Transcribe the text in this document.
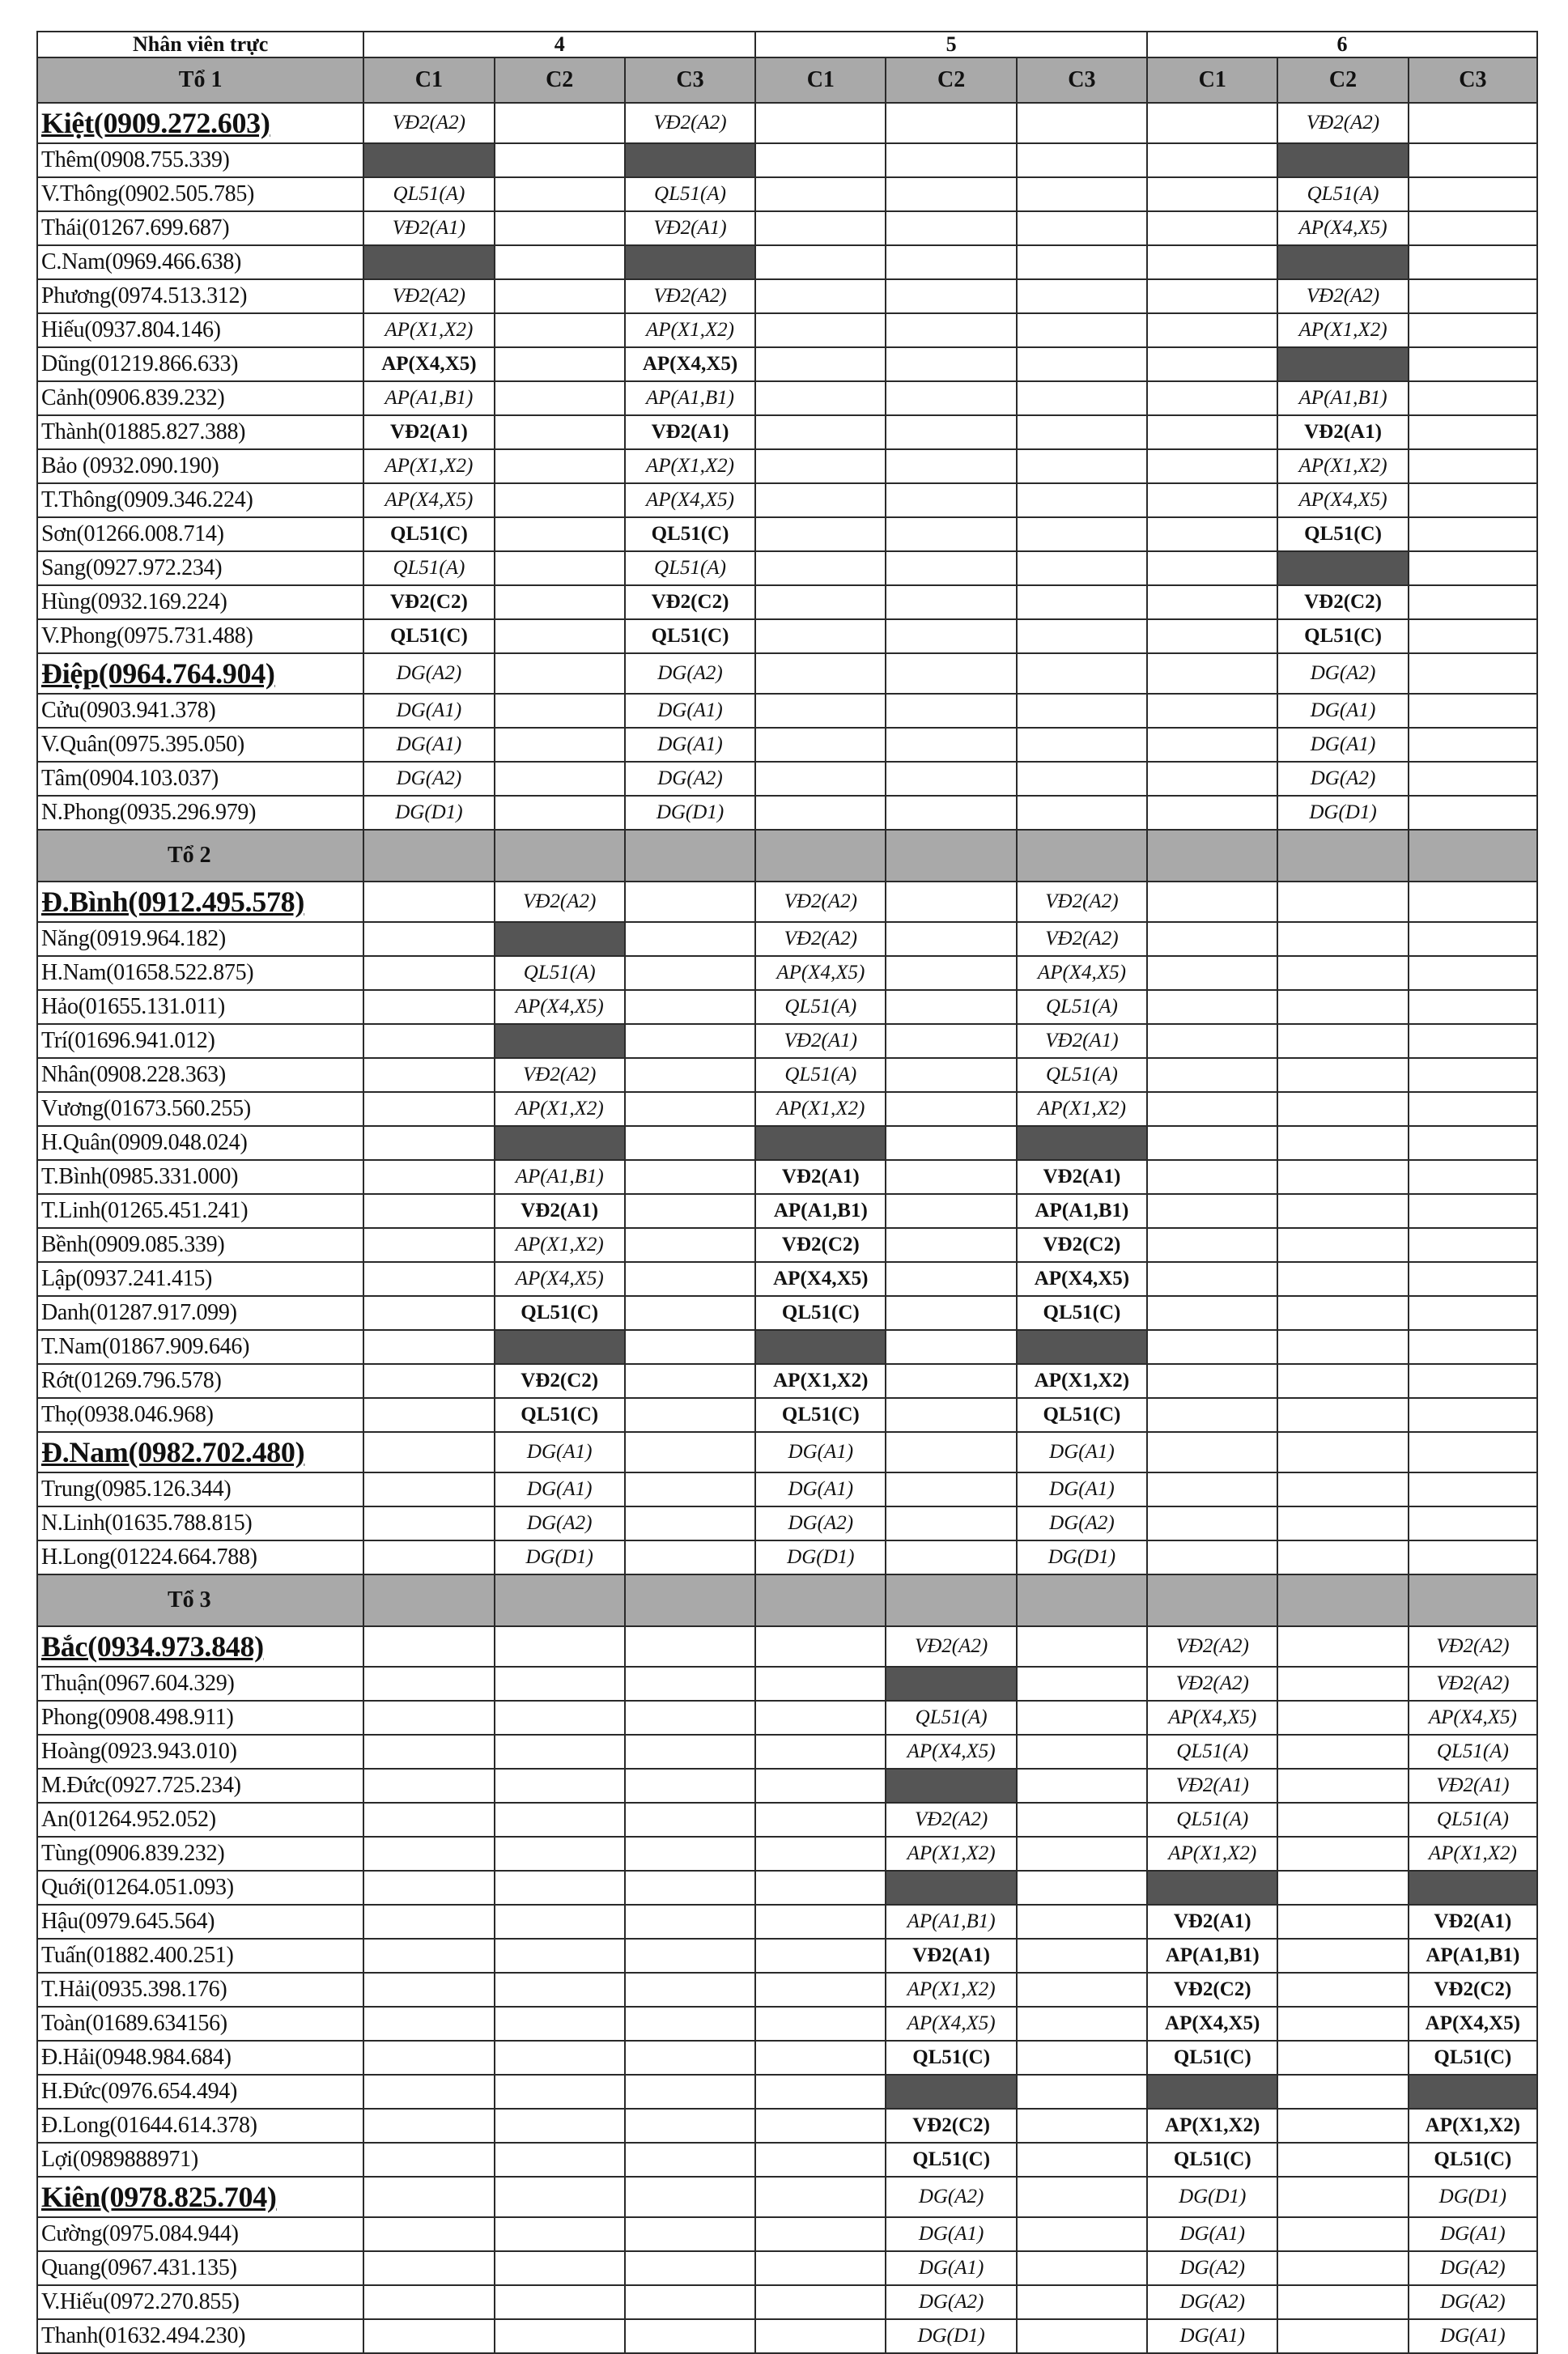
Nhân viên trực	4			5			6		
Tổ 1	C1	C2	C3	C1	C2	C3	C1	C2	C3
Kiệt(0909.272.603)	VĐ2(A2)		VĐ2(A2)					VĐ2(A2)	
Thêm(0908.755.339)									
V.Thông(0902.505.785)	QL51(A)		QL51(A)					QL51(A)	
Thái(01267.699.687)	VĐ2(A1)		VĐ2(A1)					AP(X4,X5)	
C.Nam(0969.466.638)									
Phương(0974.513.312)	VĐ2(A2)		VĐ2(A2)					VĐ2(A2)	
Hiếu(0937.804.146)	AP(X1,X2)		AP(X1,X2)					AP(X1,X2)	
Dũng(01219.866.633)	AP(X4,X5)		AP(X4,X5)						
Cảnh(0906.839.232)	AP(A1,B1)		AP(A1,B1)					AP(A1,B1)	
Thành(01885.827.388)	VĐ2(A1)		VĐ2(A1)					VĐ2(A1)	
Bảo (0932.090.190)	AP(X1,X2)		AP(X1,X2)					AP(X1,X2)	
T.Thông(0909.346.224)	AP(X4,X5)		AP(X4,X5)					AP(X4,X5)	
Sơn(01266.008.714)	QL51(C)		QL51(C)					QL51(C)	
Sang(0927.972.234)	QL51(A)		QL51(A)						
Hùng(0932.169.224)	VĐ2(C2)		VĐ2(C2)					VĐ2(C2)	
V.Phong(0975.731.488)	QL51(C)		QL51(C)					QL51(C)	
Điệp(0964.764.904)	DG(A2)		DG(A2)					DG(A2)	
Cửu(0903.941.378)	DG(A1)		DG(A1)					DG(A1)	
V.Quân(0975.395.050)	DG(A1)		DG(A1)					DG(A1)	
Tâm(0904.103.037)	DG(A2)		DG(A2)					DG(A2)	
N.Phong(0935.296.979)	DG(D1)		DG(D1)					DG(D1)	
Tổ 2									
Đ.Bình(0912.495.578)		VĐ2(A2)		VĐ2(A2)		VĐ2(A2)			
Năng(0919.964.182)				VĐ2(A2)		VĐ2(A2)			
H.Nam(01658.522.875)		QL51(A)		AP(X4,X5)		AP(X4,X5)			
Hảo(01655.131.011)		AP(X4,X5)		QL51(A)		QL51(A)			
Trí(01696.941.012)				VĐ2(A1)		VĐ2(A1)			
Nhân(0908.228.363)		VĐ2(A2)		QL51(A)		QL51(A)			
Vương(01673.560.255)		AP(X1,X2)		AP(X1,X2)		AP(X1,X2)			
H.Quân(0909.048.024)									
T.Bình(0985.331.000)		AP(A1,B1)		VĐ2(A1)		VĐ2(A1)			
T.Linh(01265.451.241)		VĐ2(A1)		AP(A1,B1)		AP(A1,B1)			
Bềnh(0909.085.339)		AP(X1,X2)		VĐ2(C2)		VĐ2(C2)			
Lập(0937.241.415)		AP(X4,X5)		AP(X4,X5)		AP(X4,X5)			
Danh(01287.917.099)		QL51(C)		QL51(C)		QL51(C)			
T.Nam(01867.909.646)									
Rớt(01269.796.578)		VĐ2(C2)		AP(X1,X2)		AP(X1,X2)			
Thọ(0938.046.968)		QL51(C)		QL51(C)		QL51(C)			
Đ.Nam(0982.702.480)		DG(A1)		DG(A1)		DG(A1)			
Trung(0985.126.344)		DG(A1)		DG(A1)		DG(A1)			
N.Linh(01635.788.815)		DG(A2)		DG(A2)		DG(A2)			
H.Long(01224.664.788)		DG(D1)		DG(D1)		DG(D1)			
Tổ 3									
Bắc(0934.973.848)					VĐ2(A2)		VĐ2(A2)		VĐ2(A2)
Thuận(0967.604.329)							VĐ2(A2)		VĐ2(A2)
Phong(0908.498.911)					QL51(A)		AP(X4,X5)		AP(X4,X5)
Hoàng(0923.943.010)					AP(X4,X5)		QL51(A)		QL51(A)
M.Đức(0927.725.234)							VĐ2(A1)		VĐ2(A1)
An(01264.952.052)					VĐ2(A2)		QL51(A)		QL51(A)
Tùng(0906.839.232)					AP(X1,X2)		AP(X1,X2)		AP(X1,X2)
Quới(01264.051.093)									
Hậu(0979.645.564)					AP(A1,B1)		VĐ2(A1)		VĐ2(A1)
Tuấn(01882.400.251)					VĐ2(A1)		AP(A1,B1)		AP(A1,B1)
T.Hải(0935.398.176)					AP(X1,X2)		VĐ2(C2)		VĐ2(C2)
Toàn(01689.634156)					AP(X4,X5)		AP(X4,X5)		AP(X4,X5)
Đ.Hải(0948.984.684)					QL51(C)		QL51(C)		QL51(C)
H.Đức(0976.654.494)									
Đ.Long(01644.614.378)					VĐ2(C2)		AP(X1,X2)		AP(X1,X2)
Lợi(0989888971)					QL51(C)		QL51(C)		QL51(C)
Kiên(0978.825.704)					DG(A2)		DG(D1)		DG(D1)
Cường(0975.084.944)					DG(A1)		DG(A1)		DG(A1)
Quang(0967.431.135)					DG(A1)		DG(A2)		DG(A2)
V.Hiếu(0972.270.855)					DG(A2)		DG(A2)		DG(A2)
Thanh(01632.494.230)					DG(D1)		DG(A1)		DG(A1)
